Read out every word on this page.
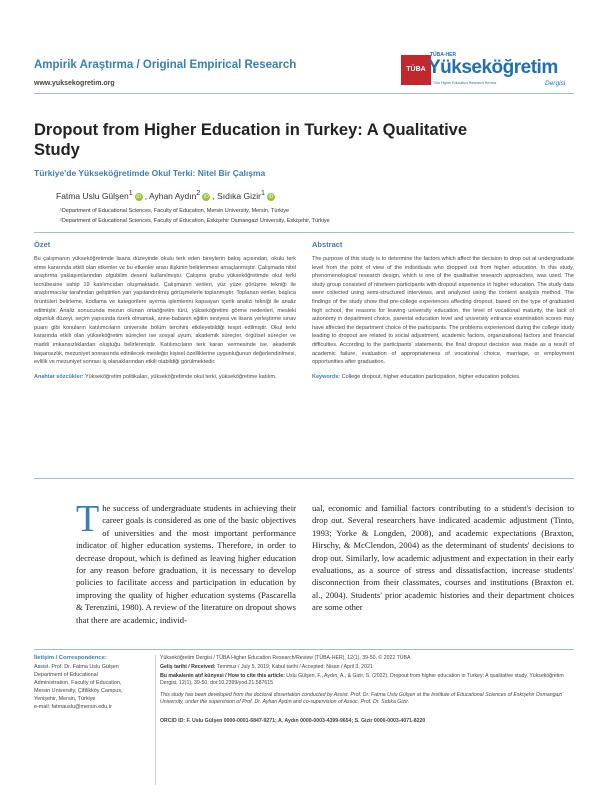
Ampirik Araştırma / Original Empirical Research
www.yuksekogretim.org
TÜBA
TÜBA-HER
Yükseköğretim
Türk Higher Education Research Review	Dergisi
Dropout from Higher Education in Turkey: A Qualitative Study
Türkiye'de Yükseköğretimde Okul Terki: Nitel Bir Çalışma
Fatma Uslu Gülşen$^1$ iD , Ayhan Aydın$^2$ iD , Sıdıka Gizir$^1$ iD
¹Department of Educational Sciences, Faculty of Education, Mersin University, Mersin, Türkiye
²Department of Educational Sciences, Faculty of Education, Eskişehir Osmangazi University, Eskişehir, Türkiye
Özet
Bu çalışmanın yükseköğretimde lisans düzeyinde okulu terk eden bireylerin bakış açısından, okulu terk etme kararında etkili olan etkenler ve bu etkenler arası ilişkinin belirlenmesi amaçlanmıştır. Çalışmada nitel araştırma yaklaşımlarından olgubilim deseni kullanılmıştır. Çalışma grubu yükseköğretimde okul terki tecrübesine sahip 19 katılımcıdan oluşmaktadır. Çalışmanın verileri, yüz yüze görüşme tekniği ile araştırmacılar tarafından geliştirilen yarı yapılandırılmış görüşmelerle toplanmıştır. Toplanan veriler, başlıca örüntüleri belirleme, kodlama ve kategorilere ayırma işlemlerini kapsayan içerik analizi tekniği ile analiz edilmiştir. Analiz sonucunda mezun olunan ortaöğretim türü, yükseköğretimi görme nedenleri, mesleki olgunluk düzeyi, seçim yapısında özerk olmamak, anne-babanın eğitim seviyesi ve lisans yerleştirme sınav puanı gibi konuların katılımcıların üniversite bölüm tercihini etkileyebildiği tespit edilmiştir. Okul terki kararında etkili olan yükseköğretim süreçleri ise sosyal uyum, akademik süreçler, örgütsel süreçler ve maddi imkansızlıklardan oluştuğu belirlenmiştir. Katılımcıların terk kararı vermesinde ise, akademik başarısızlık, mezuniyet sonrasında edinilecek mesleğin kişisel özelliklerine uygunluğunun değerlendirilmesi, evlilik ve mezuniyet sonrası iş olanaklarından etkili olabildiği görülmektedir.
Anahtar sözcükler: Yükseköğretim politikaları, yükseköğretimde okul terki, yükseköğretime katılım.
Abstract
The purpose of this study is to determine the factors which affect the decision to drop out at undergraduate level from the point of view of the individuals who dropped out from higher education. In this study, phenomenological research design, which is one of the qualitative research approaches, was used. The study group consisted of nineteen participants with dropout experience in higher education. The study data were collected using semi-structured interviews, and analyzed using the content analysis method. The findings of the study show that pre-college experiences affecting dropout, based on the type of graduated high school, the reasons for leaving university education, the level of vocational maturity, the lack of autonomy in department choice, parental education level and university entrance examination scores may have affected the department choice of the participants. The problems experienced during the college study leading to dropout are related to social adjustment, academic factors, organizational factors and financial difficulties. According to the participants' statements, the final dropout decision was made as a result of academic failure, evaluation of appropriateness of vocational choice, marriage, or employment opportunities after graduation.
Keywords: College dropout, higher education participation, higher education policies.
The success of undergraduate students in achieving their career goals is considered as one of the basic objectives of universities and the most important performance indicator of higher education systems. Therefore, in order to decrease dropout, which is defined as leaving higher education for any reason before graduation, it is necessary to develop policies to facilitate access and participation in education by improving the quality of higher education systems (Pascarella & Terenzini, 1980). A review of the literature on dropout shows that there are academic, individ-
ual, economic and familial factors contributing to a student's decision to drop out. Several researchers have indicated academic adjustment (Tinto, 1993; Yorke & Longden, 2008), and academic expectations (Braxton, Hirschy, & McClendon, 2004) as the determinant of students' decisions to drop out. Similarly, low academic adjustment and expectation in their early evaluations, as a source of stress and dissatisfaction, increase students' disconnection from their classmates, courses and institutions (Braxton et. al., 2004). Students' prior academic histories and their department choices are some other
İletişim / Correspondence:
Assist. Prof. Dr. Fatma Uslu Gülşen
Department of Educational
Administration, Faculty of Education,
Mersin University, Çiftlikköy Campus,
Yenişehir, Mersin, Türkiye
e-mail: fatmauslu@mersin.edu.tr
Yükseköğretim Dergisi / TÜBA Higher Education Research/Review (TÜBA-HER), 12(1), 39-50. © 2022 TÜBA
Geliş tarihi / Received: Temmuz / July 5, 2019; Kabul tarihi / Accepted: Nisan / April 3, 2021
Bu makalenin atıf künyesi / How to cite this article: Uslu Gülşen, F., Aydın, A., & Gizir, S. (2022). Dropout from higher education in Turkey: A qualitative study. Yükseköğretim Dergisi, 12(1), 39-50. doi:10.2399/yod.21.587615
This study has been developed from the doctoral dissertation conducted by Assist. Prof. Dr. Fatma Uslu Gülşen at the Institute of Educational Sciences of Eskişehir Osmangazi University, under the supervision of Prof. Dr. Ayhan Aydın and co-supervision of Assoc. Prof. Dr. Sıdıka Gizir.
ORCID ID: F. Uslu Gülşen 0000-0001-6847-9271; A. Aydın 0000-0003-4399-9654; S. Gizir 0000-0003-4071-8220
